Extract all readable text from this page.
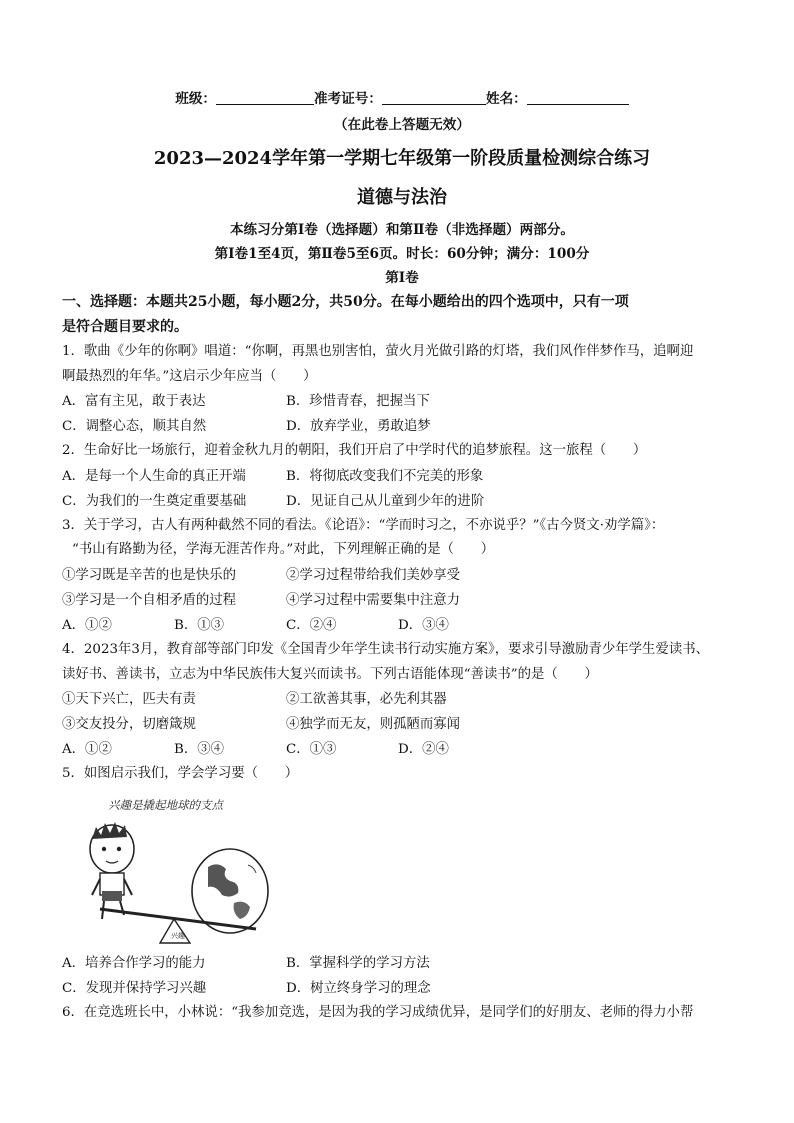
班级：	准考证号：	姓名：
（在此卷上答题无效）
2023—2024学年第一学期七年级第一阶段质量检测综合练习
道德与法治
本练习分第Ⅰ卷（选择题）和第Ⅱ卷（非选择题）两部分。
第Ⅰ卷1至4页，第Ⅱ卷5至6页。时长：60分钟；满分：100分
第Ⅰ卷
一、选择题：本题共25小题，每小题2分，共50分。在每小题给出的四个选项中，只有一项
是符合题目要求的。
1．歌曲《少年的你啊》唱道：“你啊，再黑也别害怕，萤火月光做引路的灯塔，我们风作伴梦作马，追啊迎
啊最热烈的年华。”这启示少年应当（　　）
A．富有主见，敢于表达	B．珍惜青春，把握当下
C．调整心态，顺其自然	D．放弃学业，勇敢追梦
2．生命好比一场旅行，迎着金秋九月的朝阳，我们开启了中学时代的追梦旅程。这一旅程（　　）
A．是每一个人生命的真正开端	B．将彻底改变我们不完美的形象
C．为我们的一生奠定重要基础	D．见证自己从儿童到少年的进阶
3．关于学习，古人有两种截然不同的看法。《论语》：“学而时习之，不亦说乎？”《古今贤文·劝学篇》：
“书山有路勤为径，学海无涯苦作舟。”对此，下列理解正确的是（　　）
①学习既是辛苦的也是快乐的	②学习过程带给我们美妙享受
③学习是一个自相矛盾的过程	④学习过程中需要集中注意力
A．①②	B．①③	C．②④	D．③④
4．2023年3月，教育部等部门印发《全国青少年学生读书行动实施方案》，要求引导激励青少年学生爱读书、
读好书、善读书，立志为中华民族伟大复兴而读书。下列古语能体现“善读书”的是（　　）
①天下兴亡，匹夫有责	②工欲善其事，必先利其器
③交友投分，切磨箴规	④独学而无友，则孤陋而寡闻
A．①②	B．③④	C．①③	D．②④
5．如图启示我们，学会学习要（　　）
兴趣是撬起地球的支点
兴趣
A．培养合作学习的能力	B．掌握科学的学习方法
C．发现并保持学习兴趣	D．树立终身学习的理念
6．在竞选班长中，小林说：“我参加竞选，是因为我的学习成绩优异，是同学们的好朋友、老师的得力小帮
